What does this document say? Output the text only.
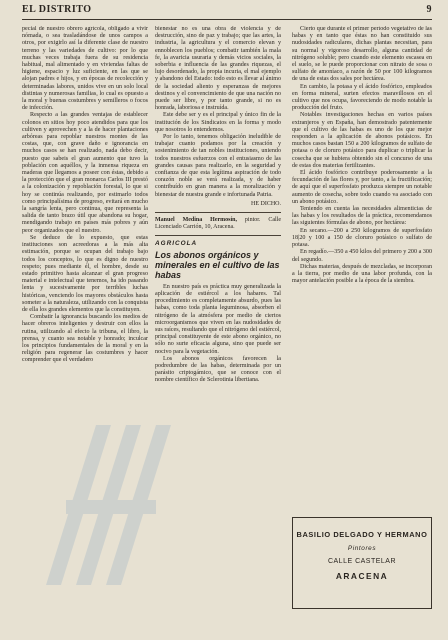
EL DISTRITO	9

pecial de nuestro obrero agrícola, obligado a vivir nómada, o sea trasladándose de unos campos a otros, por exigirlo así la diferente clase de nuestro terreno y las variedades de cultivo: por lo que muchas veces trabaja fuera de su residencia habitual, mal alimentado y en viviendas faltas de higiene, espacio y luz suficiente, en las que se alojan padres e hijos, y en épocas de recolección y determinadas labores, unidos vive en un solo local distintas y numerosas familias, lo cual es opuesto a la moral y buenas costumbres y semilleros o focos de infección.

Respecto a las grandes ventajas de establecer colonos en sitios hoy poco atendidos para que los cultiven y aprovechen y a la de hacer plantaciones arbóreas para repoblar nuestros montes de las costas, que, con grave daño e ignorancia en muchos casos se han realizado, nada debo decir, puesto que sabeis el gran aumento que tuvo la población con aquéllos, y la inmensa riqueza en maderas que llegamos a poseer con éstas, debido a la protección que el gran monarca Carlos III prestó a la colonización y repoblación forestal, lo que si hoy se continúa realizando, por estimarlo todos como principalísima de progreso, evitará en mucho la sangría lenta, pero continua, que representa la salida de tanto brazo útil que abandona su hogar, mendigando trabajo en países más pobres y aún peor organizados que el nuestro.

Se deduce de lo expuesto, que estas instituciones son acreedoras a la más alta estimación, porque se ocupan del trabajo bajo todos los conceptos, lo que es digno de nuestro respeto; pues mediante él, el hombre, desde su estado primitivo hasta alcanzar el gran progreso material e intelectual que tenemos, ha ido pasando lenta y sucesivamente por terribles luchas históricas, venciendo los mayores obstáculos hasta someter a la naturaleza, utilizando con la conquista de ella los grandes elementos que la constituyen.

Combatir la ignorancia buscando los medios de hacer obreros inteligentes y destruir con ellos la rutina, utilizando al efecto la tribuna, el libro, la prensa, y cuanto sea notable y honrado; inculcar los principios fundamentales de la moral y en la religión para regenerar las costumbres y hacer comprender que el verdadero

bienestar no es una obra de violencia y de destrucción, sino de paz y trabajo; que las artes, la industria, la agricultura y el comercio elevan y ennoblecen los pueblos; combatir también la mala fe, la avaricia usuraria y demás vicios sociales, la soberbia e influencia de las grandes riquezas, el lujo desordenado, la propia incuria, el mal ejemplo y abandono del Estado: todo esto es llevar al ánimo de la sociedad aliento y esperanzas de mejores destinos y el convencimiento de que una nación no puede ser libre, y por tanto grande, si no es honrada, laboriosa e instruída.

Este debe ser y es el principal y único fin de la institución de los Sindicatos en la forma y modo que nosotros lo entendemos.

Por lo tanto, tenemos obligación ineludible de trabajar cuanto podamos por la creación y sostenimiento de tan nobles instituciones, uniendo todos nuestros esfuerzos con el entusiasmo de las grandes causas para realizarlo, en la seguridad y confianza de que esta legítima aspiración de todo corazón noble se verá realizada, y de haber contribuído en gran manera a la moralización y bienestar de nuestra grande e infortunada Patria.

HE DICHO.
Manuel Medina Hermosín, pintor. Calle Licenciado Carrión, 10, Aracena.
AGRICOLA
Los abonos orgánicos y minerales en el cultivo de las habas

En nuestro país es práctica muy generalizada la aplicación de estiércol a los habares. Tal procedimiento es completamente absurdo, pues las habas, como toda planta leguminosa, absorben el nitrógeno de la atmósfera por medio de ciertos microorganismos que viven en las nudosidades de sus raíces, resultando que el nitrógeno del estiércol, principal constituyente de este abono orgánico, no sólo no surte eficacia alguna, sino que puede ser nocivo para la vegetación.

Los abonos orgánicos favorecen la podredumbre de las habas, determinada por un parásito criptogámico, que se conoce con el nombre científico de Sclerotinia libertiana.

Cierto que durante el primer período vegetativo de las habas y en tanto que éstas no han constituido sus nudosidades radiculares, dichas plantas necesitan, para su normal y vigoroso desarrollo, alguna cantidad de nitrógeno soluble; pero cuando este elemento escasea en el suelo, se le puede proporcionar con nitrato de sosa o sulfato de amoníaco, a razón de 50 por 100 kilogramos de una de estas dos sales por hectárea.

En cambio, la potasa y el ácido fosfórico, empleados en forma mineral, surten efectos maravillosos en el cultivo que nos ocupa, favoreciendo de modo notable la producción del fruto.

Notables investigaciones hechas en varios países extranjeros y en España, han demostrado patentemente que el cultivo de las habas es uno de los que mejor responden a la aplicación de abonos potásicos. En muchos casos bastan 150 a 200 kilogramos de sulfato de potasa o de cloruro potásico para duplicar o triplicar la cosecha que se hubiera obtenido sin el concurso de una de estas dos materias fertilizantes.

El ácido fosfórico contribuye poderosamente a la fecundación de las flores y, por tanto, a la fructificación; de aquí que el superfosfato produzca siempre un notable aumento de cosecha, sobre todo cuando va asociado con un abono potásico.

Teniendo en cuenta las necesidades alimenticias de las habas y los resultados de la práctica, recomendamos las siguientes fórmulas de abono, por hectárea:

En secano.—200 a 250 kilogramos de superfosfato 18|20 y 100 a 150 de cloruro potásico o sulfato de potasa.

En regadío.—350 a 450 kilos del primero y 200 a 300 del segundo.

Dichas materias, después de mezcladas, se incorporan a la tierra, por medio de una labor profunda, con la mayor antelación posible a la época de la siembra.

BASILIO DELGADO Y HERMANO
Pintores
CALLE CASTELAR
ARACENA
